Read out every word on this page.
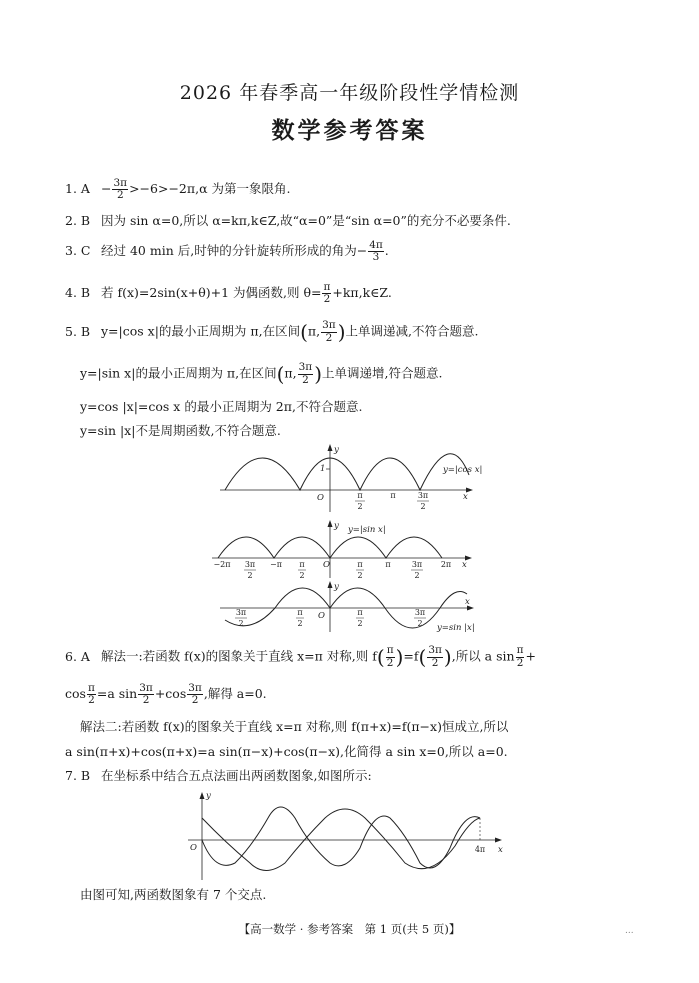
2026 年春季高一年级阶段性学情检测
数学参考答案
1. $A - \frac{3\pi}{2} >-6>-2\pi,\alpha$ 为第一象限角.
2. B 因为 sin α=0,所以 α=kπ,k∈Z,故“α=0”是“sin α=0”的充分不必要条件.
3. C 经过 40 min 后,时钟的分针旋转所形成的角为− $\frac{4\pi}{3}$ .
4. B 若 f(x)=2sin(x+θ)+1 为偶函数,则 $\theta= \frac{\pi}{2}$ +kπ,k∈Z.
5. B y=|cos x|的最小正周期为 π,在区间(π, $\frac{3\pi}{2}$ )上单调递减,不符合题意.
y=|sin x|的最小正周期为 π,在区间(π, $\frac{3\pi}{2}$ )上单调递增,符合题意.
y=cos |x|=cos x 的最小正周期为 2π,不符合题意.
y=sin |x|不是周期函数,不符合题意.
y
x
O
1	y=|cos x|
π
2
π	3π
2
y
x
O
y=|sin x|
−2π 3π
2
−π π
2
π
2
π	3π
2
2π
y
x
O
y=sin |x|
3π
2
π
2
π
2
3π
2
6. A 解法一:若函数 f(x)的图象关于直线 x=π 对称,则 $f( \frac{\pi}{2} )=f( \frac{3\pi}{2}$ ),所以 a $\sin \frac{\pi}{2}$ +
$\cos \frac{\pi}{2} =a$ $\sin \frac{3\pi}{2} +\cos \frac{3\pi}{2}$ ,解得 a=0.
解法二:若函数 f(x)的图象关于直线 x=π 对称,则 f(π+x)=f(π−x)恒成立,所以
a sin(π+x)+cos(π+x)=a sin(π−x)+cos(π−x),化简得 a sin x=0,所以 a=0.
7. B 在坐标系中结合五点法画出两函数图象,如图所示:
y
x
O	4π
由图可知,两函数图象有 7 个交点.
【高一数学 · 参考答案　第 1 页(共 5 页)】	...
